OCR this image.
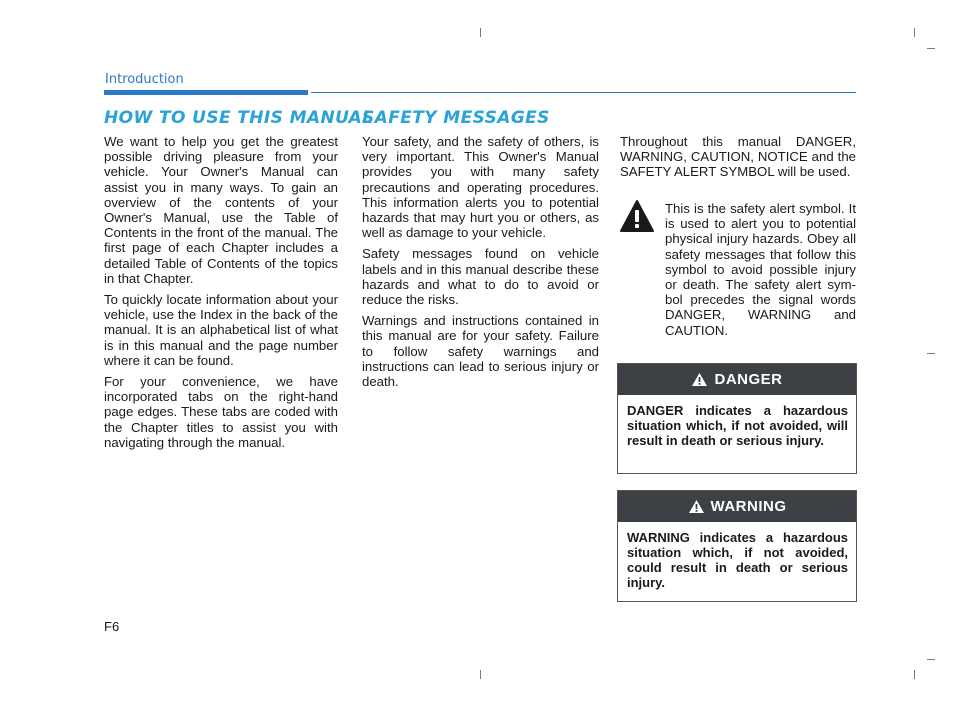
Introduction
HOW TO USE THIS MANUAL
SAFETY MESSAGES

We want to help you get the greatest possible driving pleasure from your vehicle. Your Owner's Manual can assist you in many ways. To gain an overview of the contents of your Owner's Manual, use the Table of Contents in the front of the manual. The first page of each Chapter includes a detailed Table of Contents of the topics in that Chapter.

To quickly locate information about your vehicle, use the Index in the back of the manual. It is an alphabetical list of what is in this manual and the page number where it can be found.

For your convenience, we have incorporated tabs on the right-hand page edges. These tabs are coded with the Chapter titles to assist you with navigating through the manual.

Your safety, and the safety of others, is very important. This Owner's Manual provides you with many safety precautions and operating procedures. This information alerts you to potential hazards that may hurt you or others, as well as damage to your vehicle.

Safety messages found on vehicle labels and in this manual describe these hazards and what to do to avoid or reduce the risks.

Warnings and instructions contained in this manual are for your safety. Failure to follow safety warnings and instructions can lead to serious injury or death.

Throughout this manual DANGER, WARNING, CAUTION, NOTICE and the SAFETY ALERT SYMBOL will be used.

This is the safety alert symbol. It is used to alert you to potential physical injury hazards. Obey all safety messages that follow this symbol to avoid possible injury or death. The safety alert symbol precedes the signal words DANGER, WARNING and CAUTION.

DANGER
DANGER indicates a hazardous situation which, if not avoided, will result in death or serious injury.
WARNING
WARNING indicates a hazardous situation which, if not avoided, could result in death or serious injury.
F6
